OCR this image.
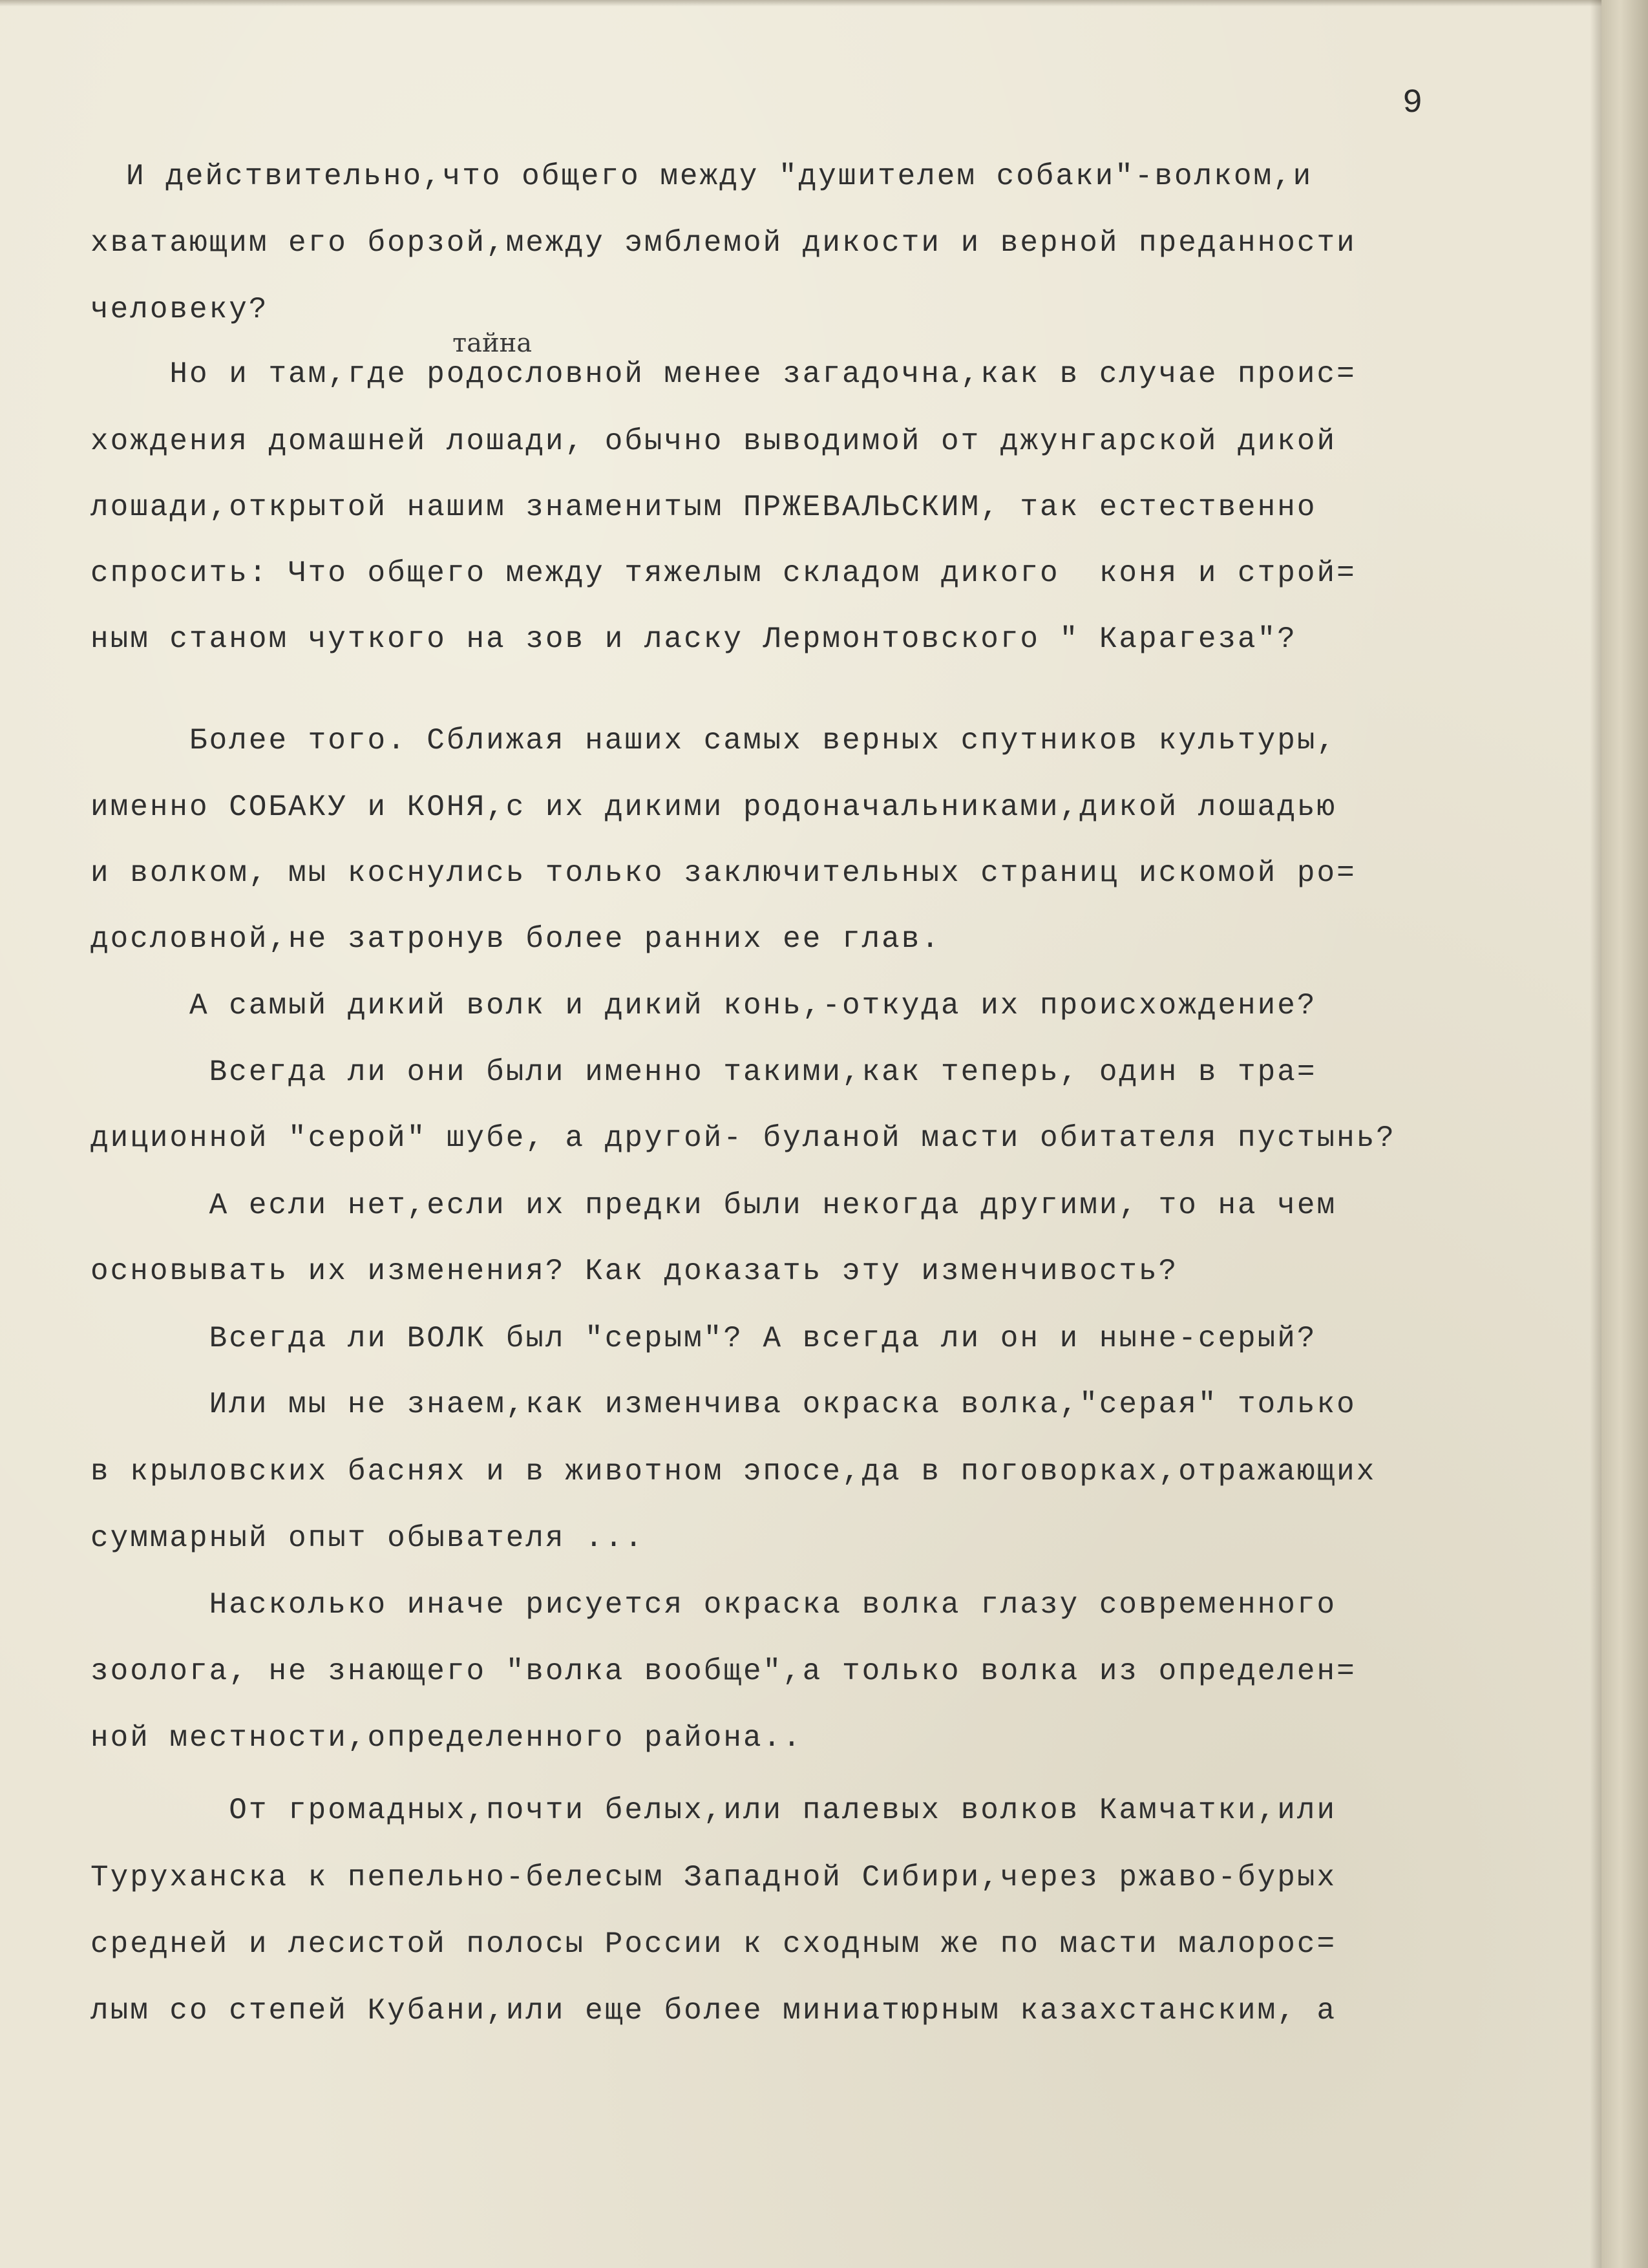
9
тайна
И действительно,что общего между "душителем собаки"-волком,и
хватающим его борзой,между эмблемой дикости и верной преданности
человеку?
Но и там,где родословной менее загадочна,как в случае проис=
хождения домашней лошади, обычно выводимой от джунгарской дикой
лошади,открытой нашим знаменитым ПРЖЕВАЛЬСКИМ, так естественно
спросить: Что общего между тяжелым складом дикого  коня и строй=
ным станом чуткого на зов и ласку Лермонтовского " Карагеза"?
Более того. Сближая наших самых верных спутников культуры,
именно СОБАКУ и КОНЯ,с их дикими родоначальниками,дикой лошадью
и волком, мы коснулись только заключительных страниц искомой ро=
дословной,не затронув более ранних ее глав.
А самый дикий волк и дикий конь,-откуда их происхождение?
Всегда ли они были именно такими,как теперь, один в тра=
диционной "серой" шубе, а другой- буланой масти обитателя пустынь?
А если нет,если их предки были некогда другими, то на чем
основывать их изменения? Как доказать эту изменчивость?
Всегда ли ВОЛК был "серым"? А всегда ли он и ныне-серый?
Или мы не знаем,как изменчива окраска волка,"серая" только
в крыловских баснях и в животном эпосе,да в поговорках,отражающих
суммарный опыт обывателя ...
Насколько иначе рисуется окраска волка глазу современного
зоолога, не знающего "волка вообще",а только волка из определен=
ной местности,определенного района..
От громадных,почти белых,или палевых волков Камчатки,или
Туруханска к пепельно-белесым Западной Сибири,через ржаво-бурых
средней и лесистой полосы России к сходным же по масти малорос=
лым со степей Кубани,или еще более миниатюрным казахстанским, а
